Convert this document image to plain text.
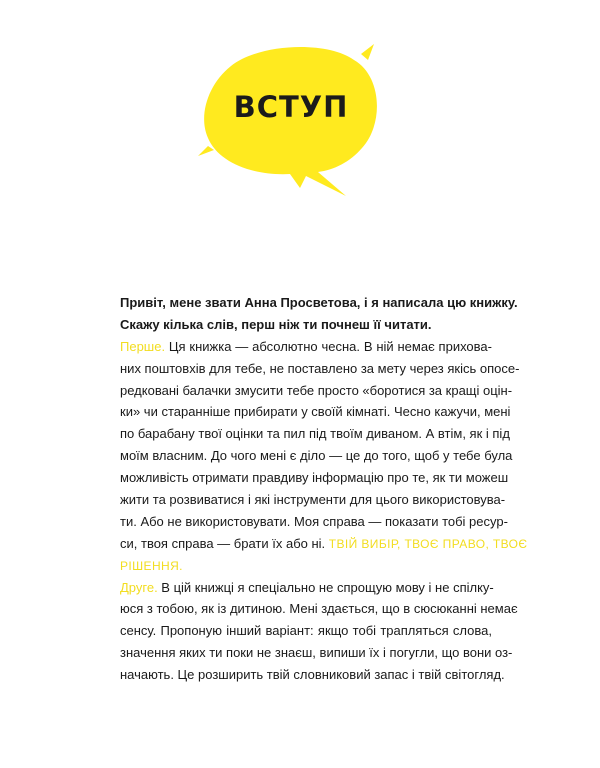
ВСТУП
Привіт, мене звати Анна Просветова, і я написала цю книжку.
Скажу кілька слів, перш ніж ти почнеш її читати.
Перше. Ця книжка — абсолютно чесна. В ній немає прихова-
них поштовхів для тебе, не поставлено за мету через якісь опосе-
редковані балачки змусити тебе просто «боротися за кращі оцін-
ки» чи старанніше прибирати у своїй кімнаті. Чесно кажучи, мені
по барабану твої оцінки та пил під твоїм диваном. А втім, як і під
моїм власним. До чого мені є діло — це до того, щоб у тебе була
можливість отримати правдиву інформацію про те, як ти можеш
жити та розвиватися і які інструменти для цього використовува-
ти. Або не використовувати. Моя справа — показати тобі ресур-
си, твоя справа — брати їх або ні. ТВІЙ ВИБІР, ТВОЄ ПРАВО, ТВОЄ
РІШЕННЯ.
Друге. В цій книжці я спеціально не спрощую мову і не спілку-
юся з тобою, як із дитиною. Мені здається, що в сюсюканні немає
сенсу. Пропоную інший варіант: якщо тобі трапляться слова,
значення яких ти поки не знаєш, випиши їх і погугли, що вони оз-
начають. Це розширить твій словниковий запас і твій світогляд.
